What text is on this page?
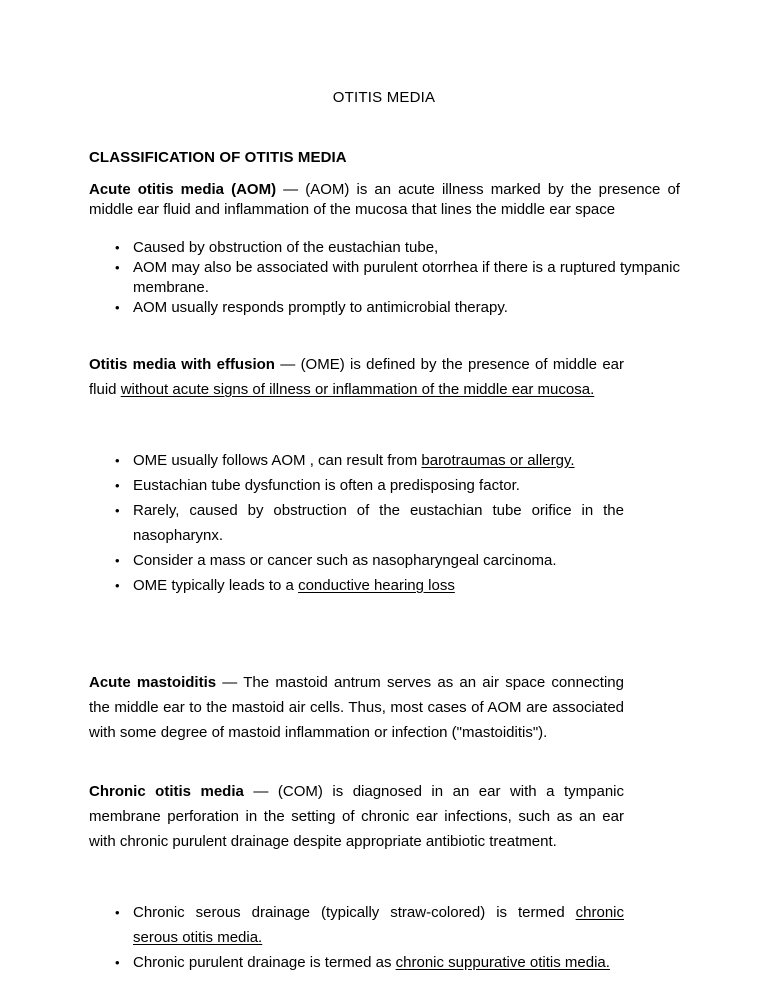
OTITIS MEDIA
CLASSIFICATION OF OTITIS MEDIA

Acute otitis media (AOM) — (AOM) is an acute illness marked by the presence of middle ear fluid and inflammation of the mucosa that lines the middle ear space

• Caused by obstruction of the eustachian tube,
• AOM may also be associated with purulent otorrhea if there is a ruptured tympanic membrane.
• AOM usually responds promptly to antimicrobial therapy.

Otitis media with effusion — (OME) is defined by the presence of middle ear fluid without acute signs of illness or inflammation of the middle ear mucosa.

• OME usually follows AOM , can result from barotraumas or allergy.
• Eustachian tube dysfunction is often a predisposing factor.
• Rarely, caused by obstruction of the eustachian tube orifice in the nasopharynx.
• Consider a mass or cancer such as nasopharyngeal carcinoma.
• OME typically leads to a conductive hearing loss

Acute mastoiditis — The mastoid antrum serves as an air space connecting the middle ear to the mastoid air cells. Thus, most cases of AOM are associated with some degree of mastoid inflammation or infection ("mastoiditis").

Chronic otitis media — (COM) is diagnosed in an ear with a tympanic membrane perforation in the setting of chronic ear infections, such as an ear with chronic purulent drainage despite appropriate antibiotic treatment.

• Chronic serous drainage (typically straw-colored) is termed chronic serous otitis media.
• Chronic purulent drainage is termed as chronic suppurative otitis media.
